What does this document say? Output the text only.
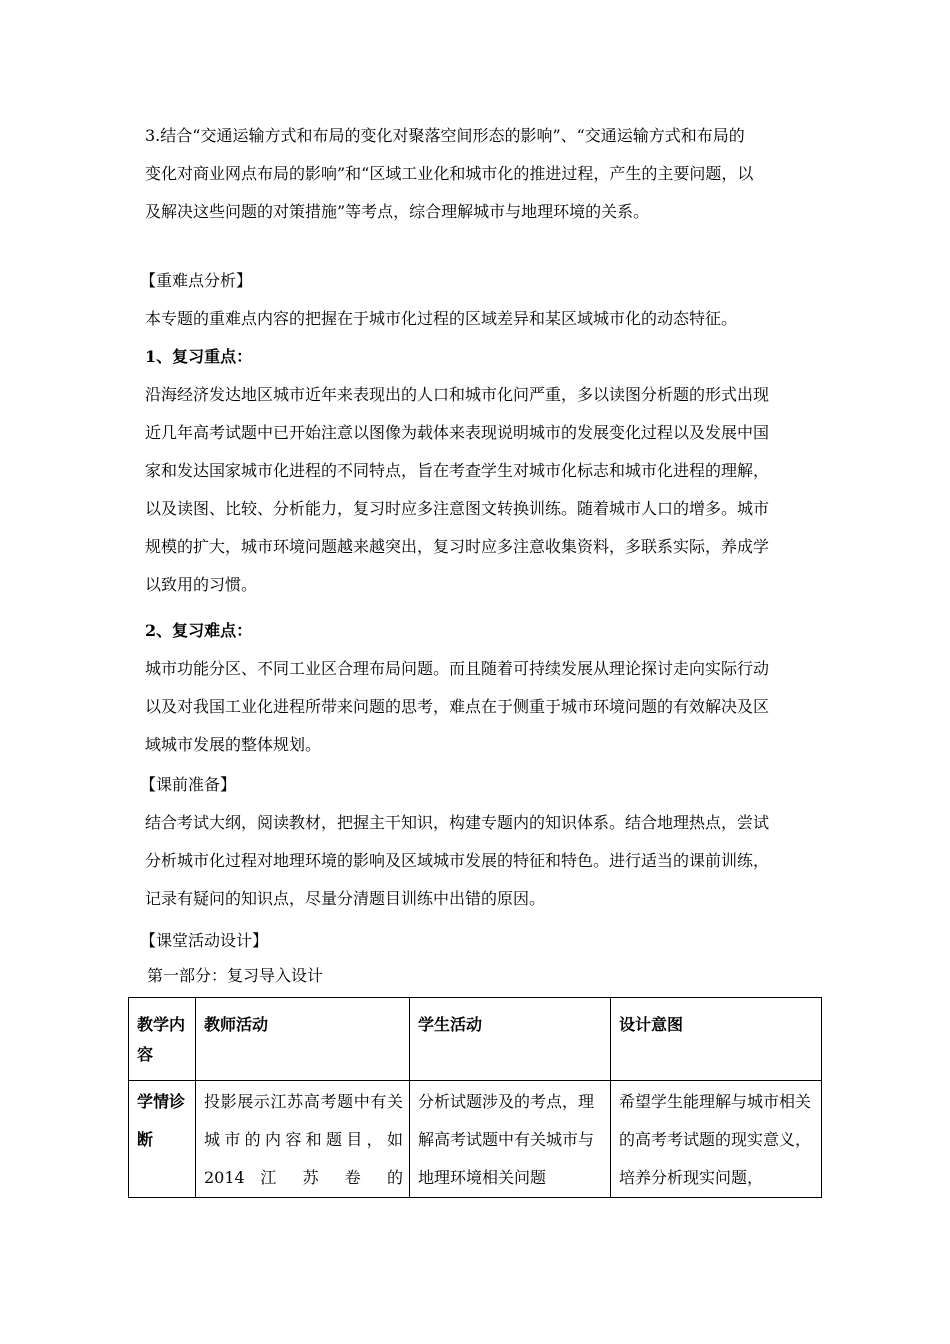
3.结合“交通运输方式和布局的变化对聚落空间形态的影响”、“交通运输方式和布局的
变化对商业网点布局的影响”和“区域工业化和城市化的推进过程，产生的主要问题，以
及解决这些问题的对策措施”等考点，综合理解城市与地理环境的关系。

【重难点分析】

本专题的重难点内容的把握在于城市化过程的区域差异和某区域城市化的动态特征。

1、复习重点：

沿海经济发达地区城市近年来表现出的人口和城市化问严重，多以读图分析题的形式出现
近几年高考试题中已开始注意以图像为载体来表现说明城市的发展变化过程以及发展中国
家和发达国家城市化进程的不同特点，旨在考查学生对城市化标志和城市化进程的理解，
以及读图、比较、分析能力，复习时应多注意图文转换训练。随着城市人口的增多。城市
规模的扩大，城市环境问题越来越突出，复习时应多注意收集资料，多联系实际，养成学
以致用的习惯。

2、复习难点：

城市功能分区、不同工业区合理布局问题。而且随着可持续发展从理论探讨走向实际行动
以及对我国工业化进程所带来问题的思考，难点在于侧重于城市环境问题的有效解决及区
域城市发展的整体规划。

【课前准备】

结合考试大纲，阅读教材，把握主干知识，构建专题内的知识体系。结合地理热点，尝试
分析城市化过程对地理环境的影响及区域城市发展的特征和特色。进行适当的课前训练，
记录有疑问的知识点，尽量分清题目训练中出错的原因。

【课堂活动设计】

第一部分：复习导入设计

教学内容	教师活动	学生活动	设计意图
学情诊断	投影展示江苏高考题中有关城市的内容和题目，如2014 江 苏 卷 的	分析试题涉及的考点，理解高考试题中有关城市与地理环境相关问题	希望学生能理解与城市相关的高考考试题的现实意义，培养分析现实问题，
